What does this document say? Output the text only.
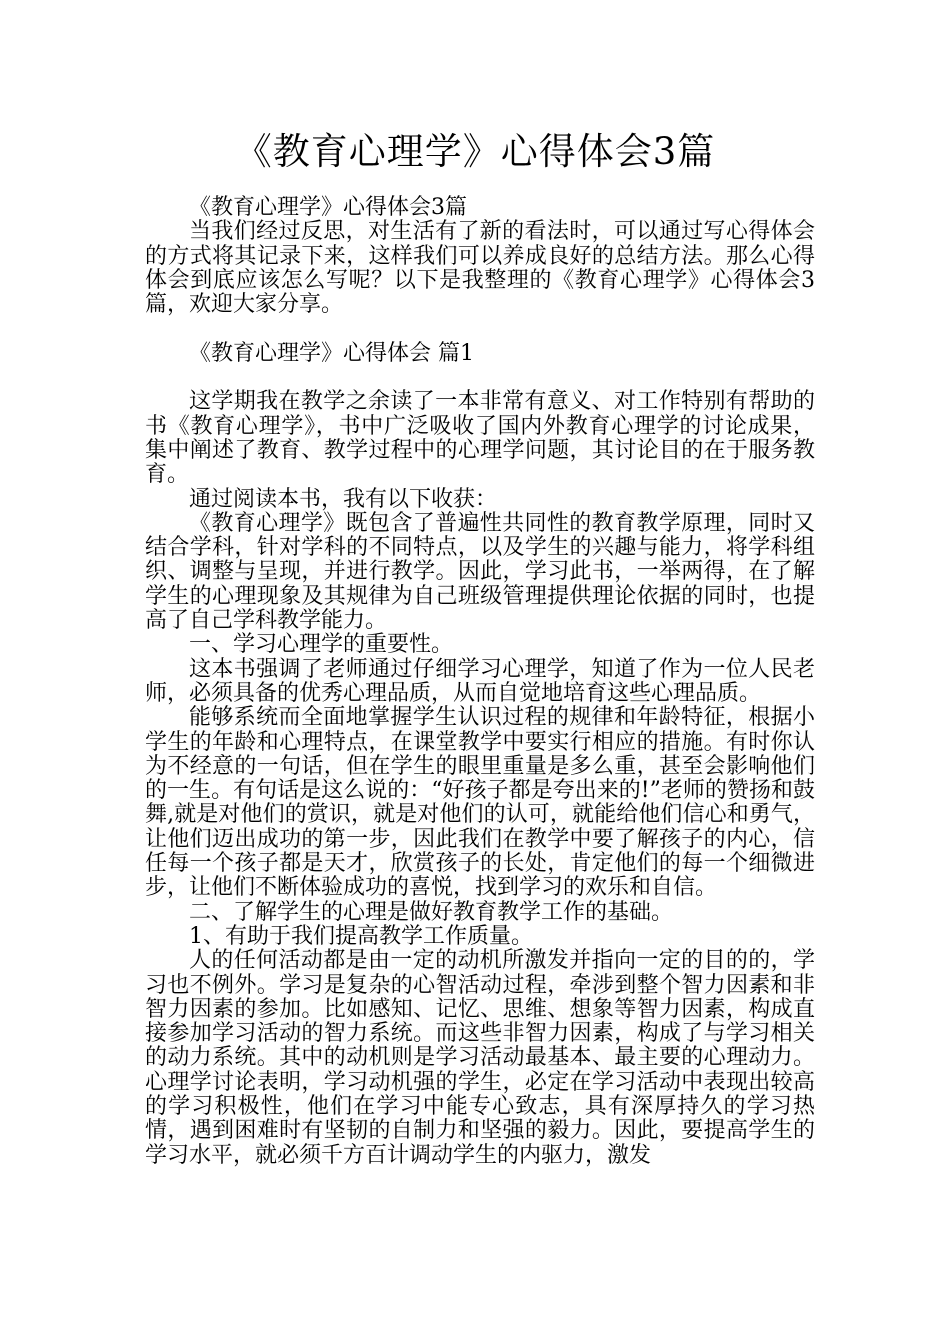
《教育心理学》心得体会3篇

《教育心理学》心得体会3篇

当我们经过反思，对生活有了新的看法时，可以通过写心得体会的方式将其记录下来，这样我们可以养成良好的总结方法。那么心得体会到底应该怎么写呢？以下是我整理的《教育心理学》心得体会3篇，欢迎大家分享。

《教育心理学》心得体会 篇1

这学期我在教学之余读了一本非常有意义、对工作特别有帮助的书《教育心理学》，书中广泛吸收了国内外教育心理学的讨论成果，集中阐述了教育、教学过程中的心理学问题，其讨论目的在于服务教育。

通过阅读本书，我有以下收获：

《教育心理学》既包含了普遍性共同性的教育教学原理，同时又结合学科，针对学科的不同特点，以及学生的兴趣与能力，将学科组织、调整与呈现，并进行教学。因此，学习此书，一举两得，在了解学生的心理现象及其规律为自己班级管理提供理论依据的同时，也提高了自己学科教学能力。

一、学习心理学的重要性。

这本书强调了老师通过仔细学习心理学，知道了作为一位人民老师，必须具备的优秀心理品质，从而自觉地培育这些心理品质。

能够系统而全面地掌握学生认识过程的规律和年龄特征，根据小学生的年龄和心理特点，在课堂教学中要实行相应的措施。有时你认为不经意的一句话，但在学生的眼里重量是多么重，甚至会影响他们的一生。有句话是这么说的：“好孩子都是夸出来的!”老师的赞扬和鼓舞,就是对他们的赏识，就是对他们的认可，就能给他们信心和勇气，让他们迈出成功的第一步，因此我们在教学中要了解孩子的内心，信任每一个孩子都是天才，欣赏孩子的长处，肯定他们的每一个细微进步，让他们不断体验成功的喜悦，找到学习的欢乐和自信。

二、了解学生的心理是做好教育教学工作的基础。

1、有助于我们提高教学工作质量。

人的任何活动都是由一定的动机所激发并指向一定的目的的，学习也不例外。学习是复杂的心智活动过程，牵涉到整个智力因素和非智力因素的参加。比如感知、记忆、思维、想象等智力因素，构成直接参加学习活动的智力系统。而这些非智力因素，构成了与学习相关的动力系统。其中的动机则是学习活动最基本、最主要的心理动力。心理学讨论表明，学习动机强的学生，必定在学习活动中表现出较高的学习积极性，他们在学习中能专心致志，具有深厚持久的学习热情，遇到困难时有坚韧的自制力和坚强的毅力。因此，要提高学生的学习水平，就必须千方百计调动学生的内驱力，激发
